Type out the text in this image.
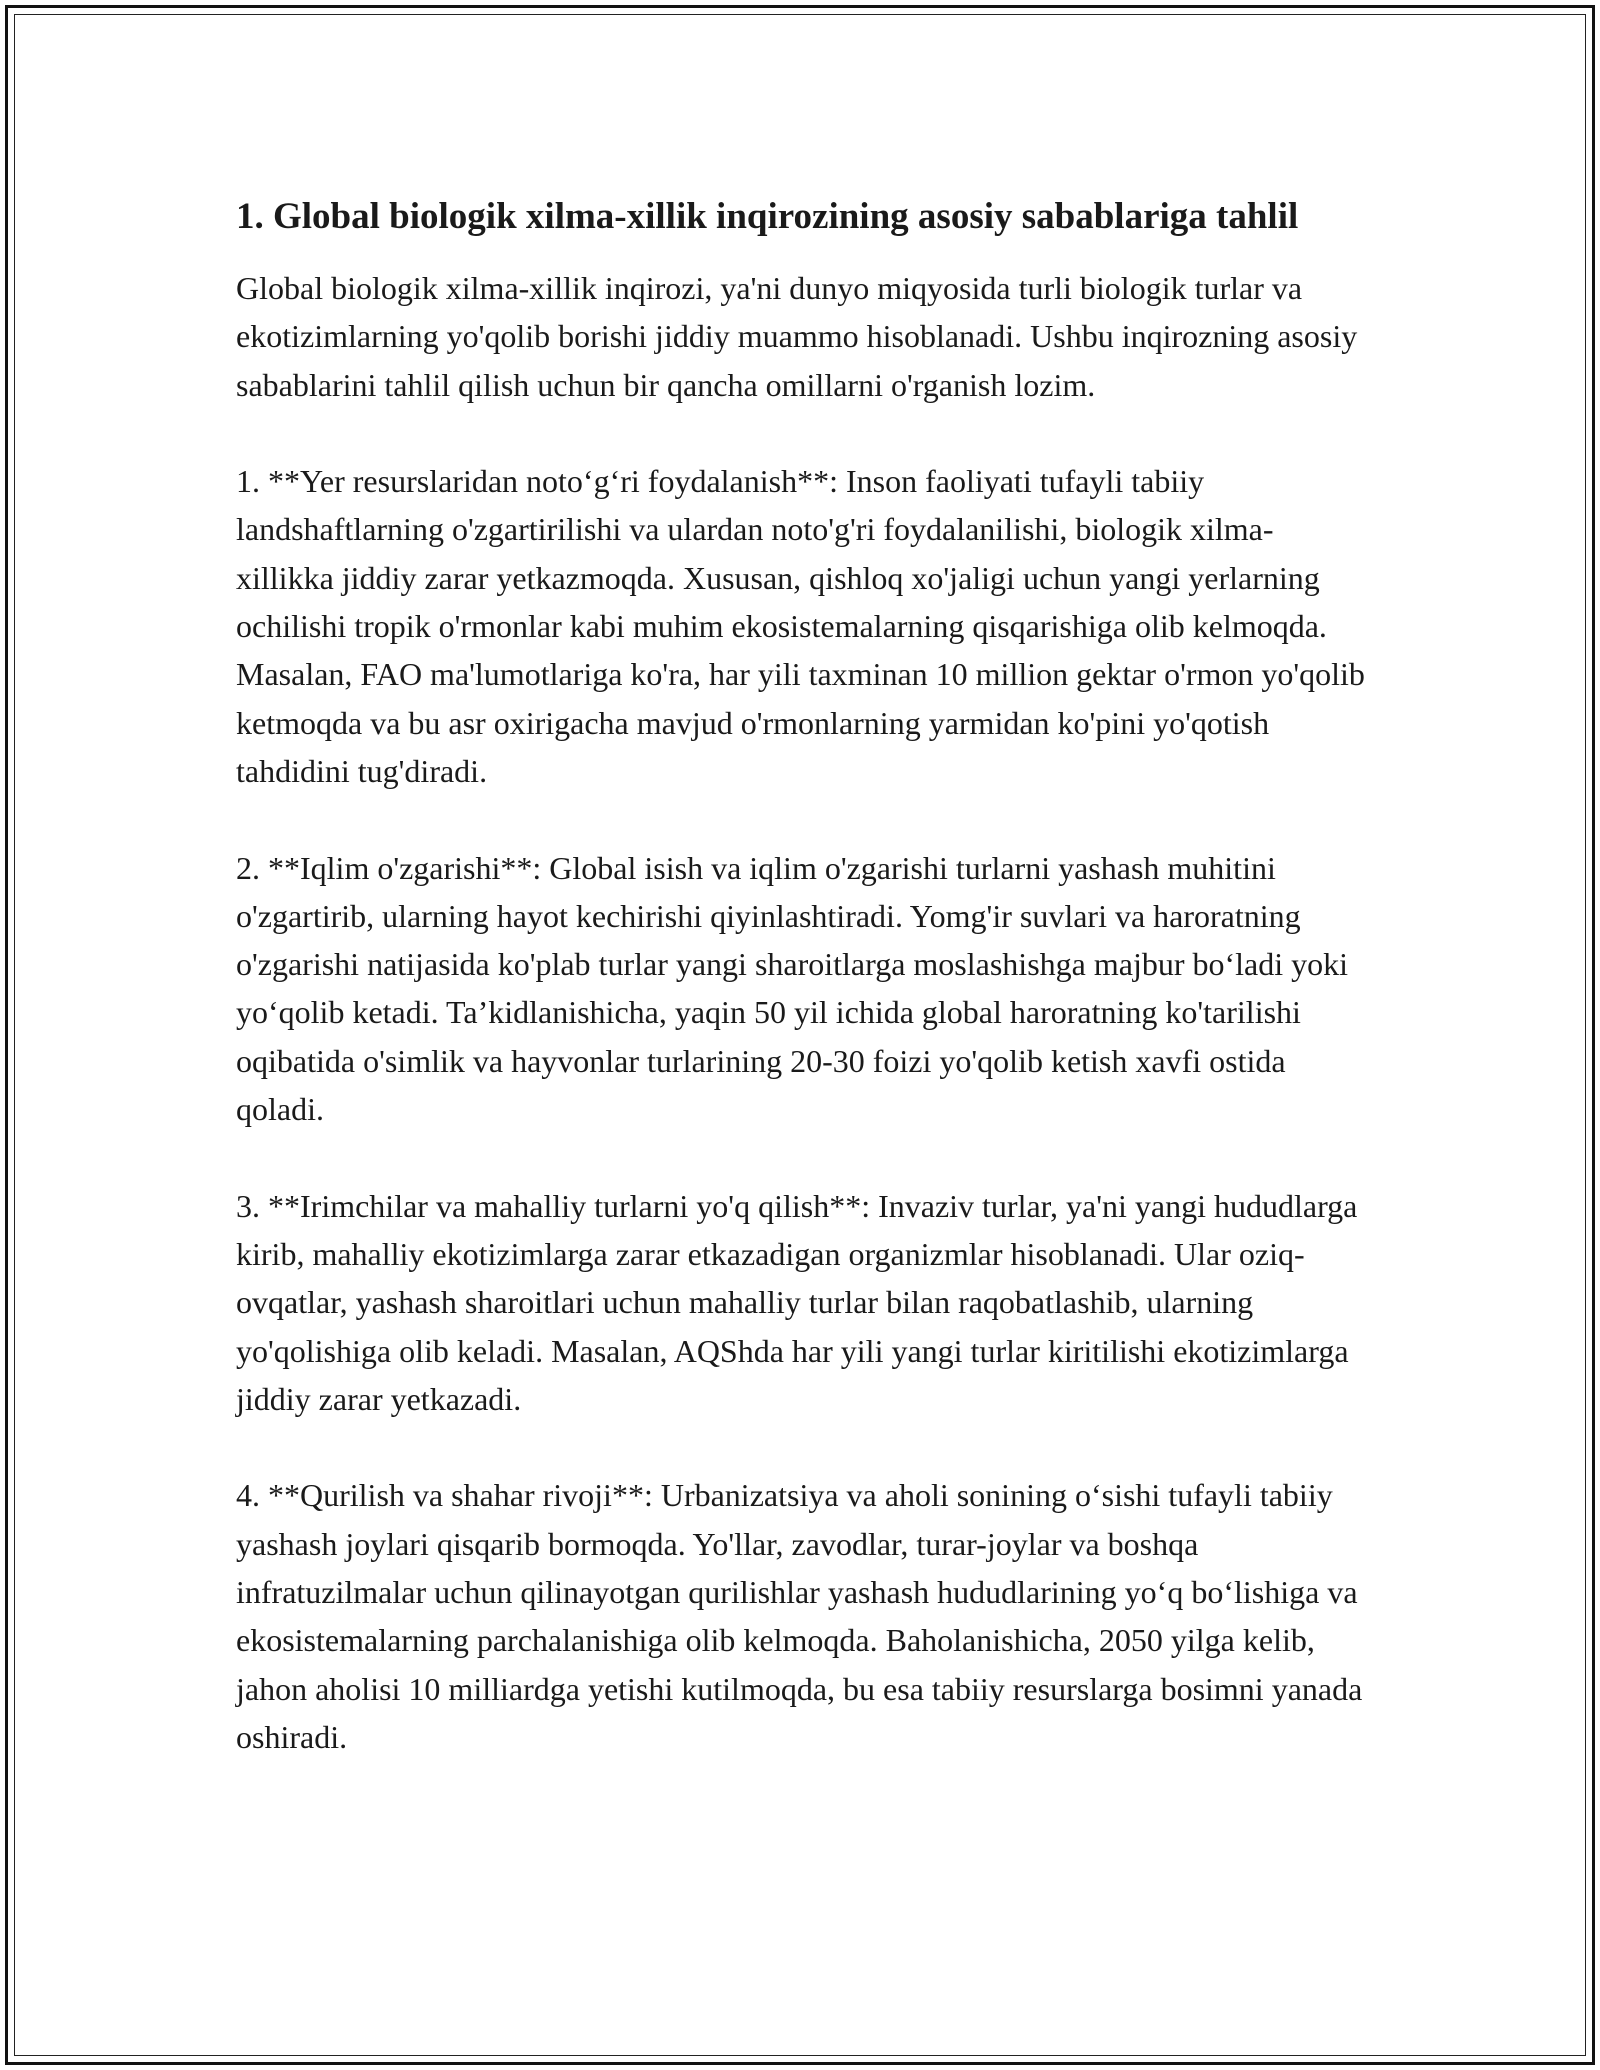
1. Global biologik xilma-xillik inqirozining asosiy sabablariga tahlil

Global biologik xilma-xillik inqirozi, ya'ni dunyo miqyosida turli biologik turlar va ekotizimlarning yo'qolib borishi jiddiy muammo hisoblanadi. Ushbu inqirozning asosiy sabablarini tahlil qilish uchun bir qancha omillarni o'rganish lozim.

1. **Yer resurslaridan noto‘g‘ri foydalanish**: Inson faoliyati tufayli tabiiy landshaftlarning o'zgartirilishi va ulardan noto'g'ri foydalanilishi, biologik xilma-xillikka jiddiy zarar yetkazmoqda. Xususan, qishloq xo'jaligi uchun yangi yerlarning ochilishi tropik o'rmonlar kabi muhim ekosistemalarning qisqarishiga olib kelmoqda. Masalan, FAO ma'lumotlariga ko'ra, har yili taxminan 10 million gektar o'rmon yo'qolib ketmoqda va bu asr oxirigacha mavjud o'rmonlarning yarmidan ko'pini yo'qotish tahdidini tug'diradi.

2. **Iqlim o'zgarishi**: Global isish va iqlim o'zgarishi turlarni yashash muhitini o'zgartirib, ularning hayot kechirishi qiyinlashtiradi. Yomg'ir suvlari va haroratning o'zgarishi natijasida ko'plab turlar yangi sharoitlarga moslashishga majbur bo‘ladi yoki yo‘qolib ketadi. Ta’kidlanishicha, yaqin 50 yil ichida global haroratning ko'tarilishi oqibatida o'simlik va hayvonlar turlarining 20-30 foizi yo'qolib ketish xavfi ostida qoladi.

3. **Irimchilar va mahalliy turlarni yo'q qilish**: Invaziv turlar, ya'ni yangi hududlarga kirib, mahalliy ekotizimlarga zarar etkazadigan organizmlar hisoblanadi. Ular oziq-ovqatlar, yashash sharoitlari uchun mahalliy turlar bilan raqobatlashib, ularning yo'qolishiga olib keladi. Masalan, AQShda har yili yangi turlar kiritilishi ekotizimlarga jiddiy zarar yetkazadi.

4. **Qurilish va shahar rivoji**: Urbanizatsiya va aholi sonining o‘sishi tufayli tabiiy yashash joylari qisqarib bormoqda. Yo'llar, zavodlar, turar-joylar va boshqa infratuzilmalar uchun qilinayotgan qurilishlar yashash hududlarining yo‘q bo‘lishiga va ekosistemalarning parchalanishiga olib kelmoqda. Baholanishicha, 2050 yilga kelib, jahon aholisi 10 milliardga yetishi kutilmoqda, bu esa tabiiy resurslarga bosimni yanada oshiradi.
